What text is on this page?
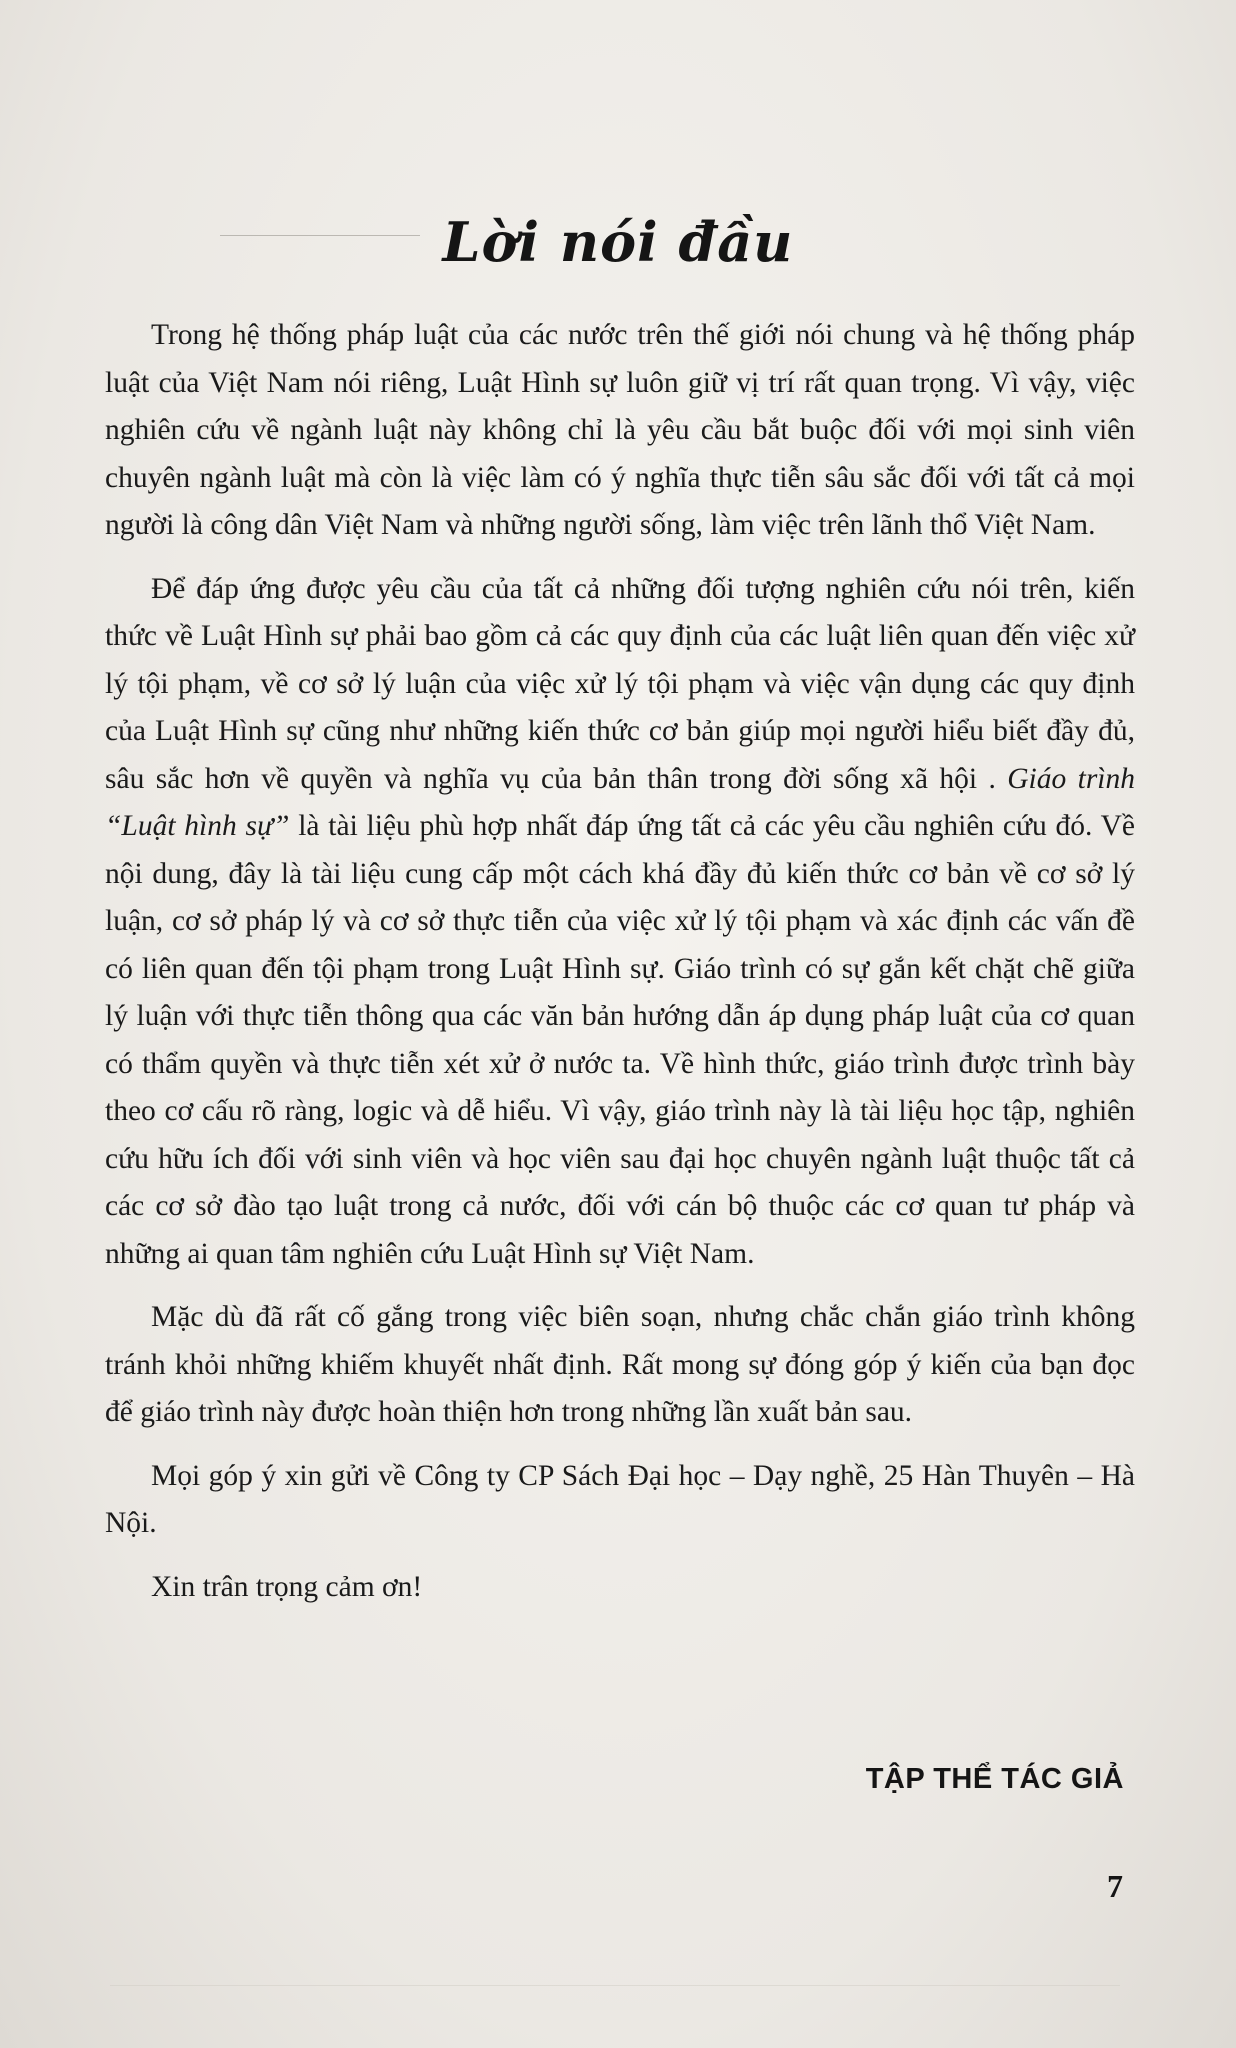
Lời nói đầu

Trong hệ thống pháp luật của các nước trên thế giới nói chung và hệ thống pháp luật của Việt Nam nói riêng, Luật Hình sự luôn giữ vị trí rất quan trọng. Vì vậy, việc nghiên cứu về ngành luật này không chỉ là yêu cầu bắt buộc đối với mọi sinh viên chuyên ngành luật mà còn là việc làm có ý nghĩa thực tiễn sâu sắc đối với tất cả mọi người là công dân Việt Nam và những người sống, làm việc trên lãnh thổ Việt Nam.

Để đáp ứng được yêu cầu của tất cả những đối tượng nghiên cứu nói trên, kiến thức về Luật Hình sự phải bao gồm cả các quy định của các luật liên quan đến việc xử lý tội phạm, về cơ sở lý luận của việc xử lý tội phạm và việc vận dụng các quy định của Luật Hình sự cũng như những kiến thức cơ bản giúp mọi người hiểu biết đầy đủ, sâu sắc hơn về quyền và nghĩa vụ của bản thân trong đời sống xã hội . Giáo trình “Luật hình sự” là tài liệu phù hợp nhất đáp ứng tất cả các yêu cầu nghiên cứu đó. Về nội dung, đây là tài liệu cung cấp một cách khá đầy đủ kiến thức cơ bản về cơ sở lý luận, cơ sở pháp lý và cơ sở thực tiễn của việc xử lý tội phạm và xác định các vấn đề có liên quan đến tội phạm trong Luật Hình sự. Giáo trình có sự gắn kết chặt chẽ giữa lý luận với thực tiễn thông qua các văn bản hướng dẫn áp dụng pháp luật của cơ quan có thẩm quyền và thực tiễn xét xử ở nước ta. Về hình thức, giáo trình được trình bày theo cơ cấu rõ ràng, logic và dễ hiểu. Vì vậy, giáo trình này là tài liệu học tập, nghiên cứu hữu ích đối với sinh viên và học viên sau đại học chuyên ngành luật thuộc tất cả các cơ sở đào tạo luật trong cả nước, đối với cán bộ thuộc các cơ quan tư pháp và những ai quan tâm nghiên cứu Luật Hình sự Việt Nam.

Mặc dù đã rất cố gắng trong việc biên soạn, nhưng chắc chắn giáo trình không tránh khỏi những khiếm khuyết nhất định. Rất mong sự đóng góp ý kiến của bạn đọc để giáo trình này được hoàn thiện hơn trong những lần xuất bản sau.

Mọi góp ý xin gửi về Công ty CP Sách Đại học – Dạy nghề, 25 Hàn Thuyên – Hà Nội.

Xin trân trọng cảm ơn!

TẬP THỂ TÁC GIẢ
7
